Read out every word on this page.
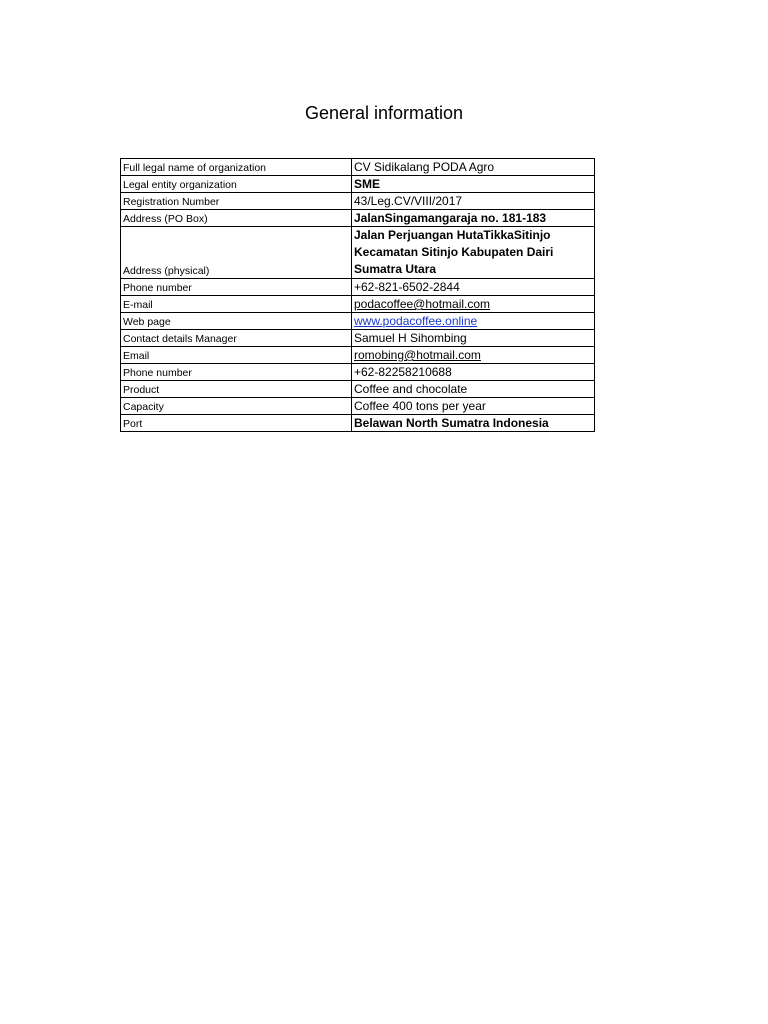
General information
Full legal name of organization	CV Sidikalang PODA Agro
Legal entity organization	SME
Registration Number	43/Leg.CV/VIII/2017
Address (PO Box)	JalanSingamangaraja no. 181-183
Address (physical)	Jalan Perjuangan HutaTikkaSitinjo Kecamatan Sitinjo Kabupaten Dairi Sumatra Utara
Phone number	+62-821-6502-2844
E-mail	podacoffee@hotmail.com
Web page	www.podacoffee.online
Contact details Manager	Samuel H Sihombing
Email	romobing@hotmail.com
Phone number	+62-82258210688
Product	Coffee and chocolate
Capacity	Coffee 400 tons per year
Port	Belawan North Sumatra Indonesia
